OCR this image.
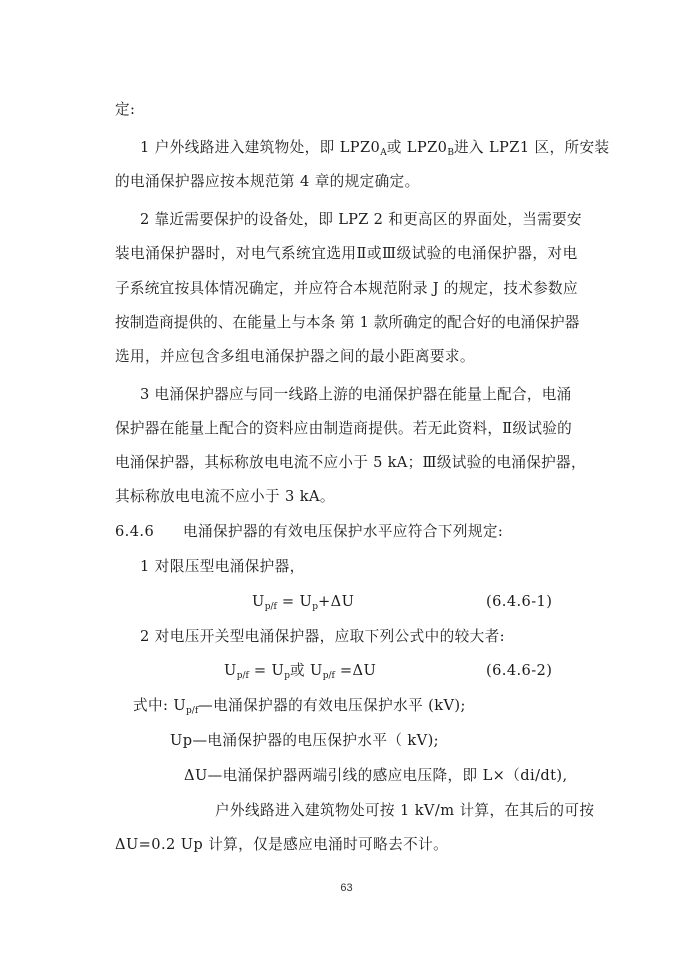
定:
1 户外线路进入建筑物处，即 $LPZ0_A$或 $LPZ0_B$进入 LPZ1 区，所安装
的电涌保护器应按本规范第 4 章的规定确定。
2 靠近需要保护的设备处，即 LPZ 2 和更高区的界面处，当需要安
装电涌保护器时，对电气系统宜选用Ⅱ或Ⅲ级试验的电涌保护器，对电
子系统宜按具体情况确定，并应符合本规范附录 J 的规定，技术参数应
按制造商提供的、在能量上与本条 第 1 款所确定的配合好的电涌保护器
选用，并应包含多组电涌保护器之间的最小距离要求。
3 电涌保护器应与同一线路上游的电涌保护器在能量上配合，电涌
保护器在能量上配合的资料应由制造商提供。若无此资料，Ⅱ级试验的
电涌保护器，其标称放电电流不应小于 5 kA；Ⅲ级试验的电涌保护器，
其标称放电电流不应小于 3 kA。
6.4.6 电涌保护器的有效电压保护水平应符合下列规定:
1 对限压型电涌保护器，
$U_{p/f} = U_p+\Delta U$	(6.4.6-1)
2 对电压开关型电涌保护器，应取下列公式中的较大者:
$U_{p/f} = U_p$或 $U_{p/f} =\Delta U$	(6.4.6-2)
式中: $U_{p/f}—$电涌保护器的有效电压保护水平 (kV);
Up—电涌保护器的电压保护水平（ kV);
ΔU—电涌保护器两端引线的感应电压降，即 L×（di/dt),
户外线路进入建筑物处可按 1 kV/m 计算，在其后的可按
ΔU=0.2 Up 计算，仅是感应电涌时可略去不计。
63
